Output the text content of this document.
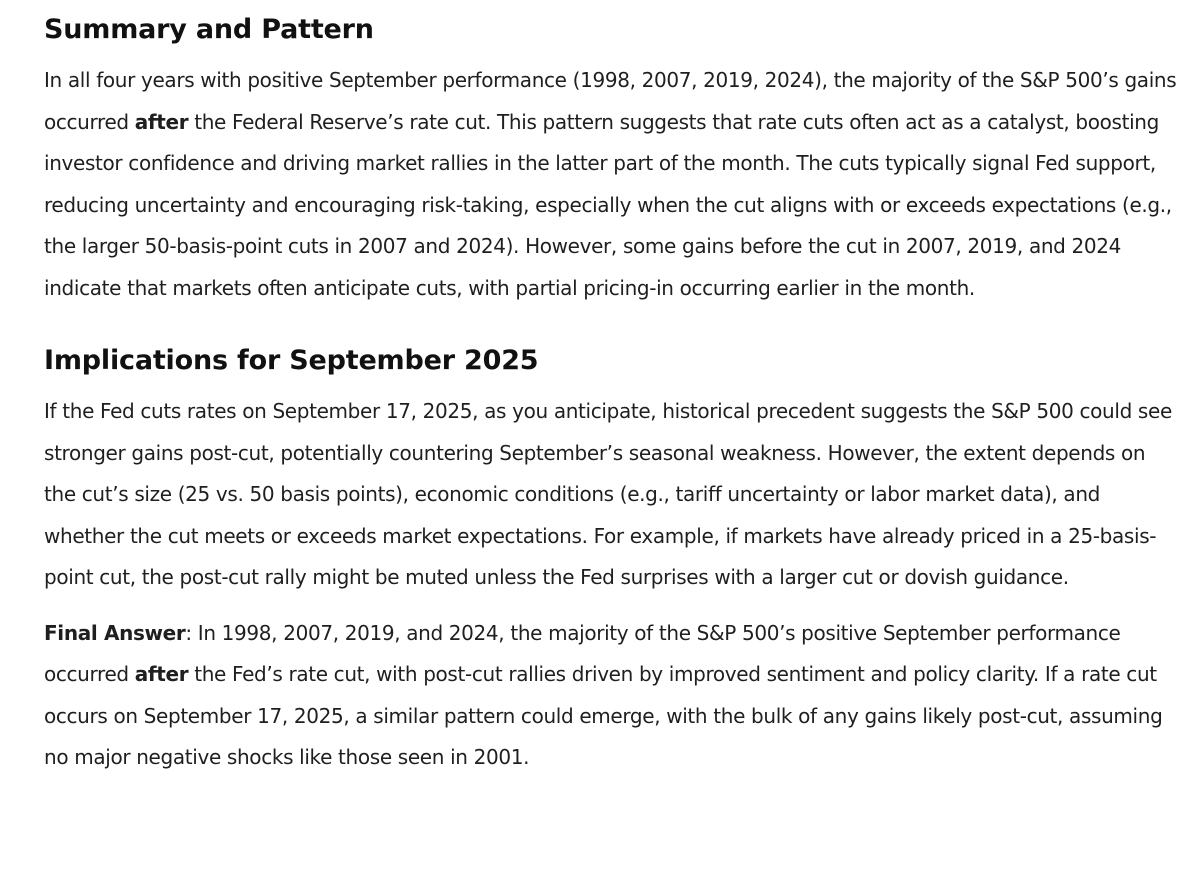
Summary and Pattern

In all four years with positive September performance (1998, 2007, 2019, 2024), the majority of the S&P 500’s gains occurred after the Federal Reserve’s rate cut. This pattern suggests that rate cuts often act as a catalyst, boosting investor confidence and driving market rallies in the latter part of the month. The cuts typically signal Fed support, reducing uncertainty and encouraging risk-taking, especially when the cut aligns with or exceeds expectations (e.g., the larger 50-basis-point cuts in 2007 and 2024). However, some gains before the cut in 2007, 2019, and 2024 indicate that markets often anticipate cuts, with partial pricing-in occurring earlier in the month.

Implications for September 2025

If the Fed cuts rates on September 17, 2025, as you anticipate, historical precedent suggests the S&P 500 could see stronger gains post-cut, potentially countering September’s seasonal weakness. However, the extent depends on the cut’s size (25 vs. 50 basis points), economic conditions (e.g., tariff uncertainty or labor market data), and whether the cut meets or exceeds market expectations. For example, if markets have already priced in a 25-basis-point cut, the post-cut rally might be muted unless the Fed surprises with a larger cut or dovish guidance.

Final Answer: In 1998, 2007, 2019, and 2024, the majority of the S&P 500’s positive September performance occurred after the Fed’s rate cut, with post-cut rallies driven by improved sentiment and policy clarity. If a rate cut occurs on September 17, 2025, a similar pattern could emerge, with the bulk of any gains likely post-cut, assuming no major negative shocks like those seen in 2001.
